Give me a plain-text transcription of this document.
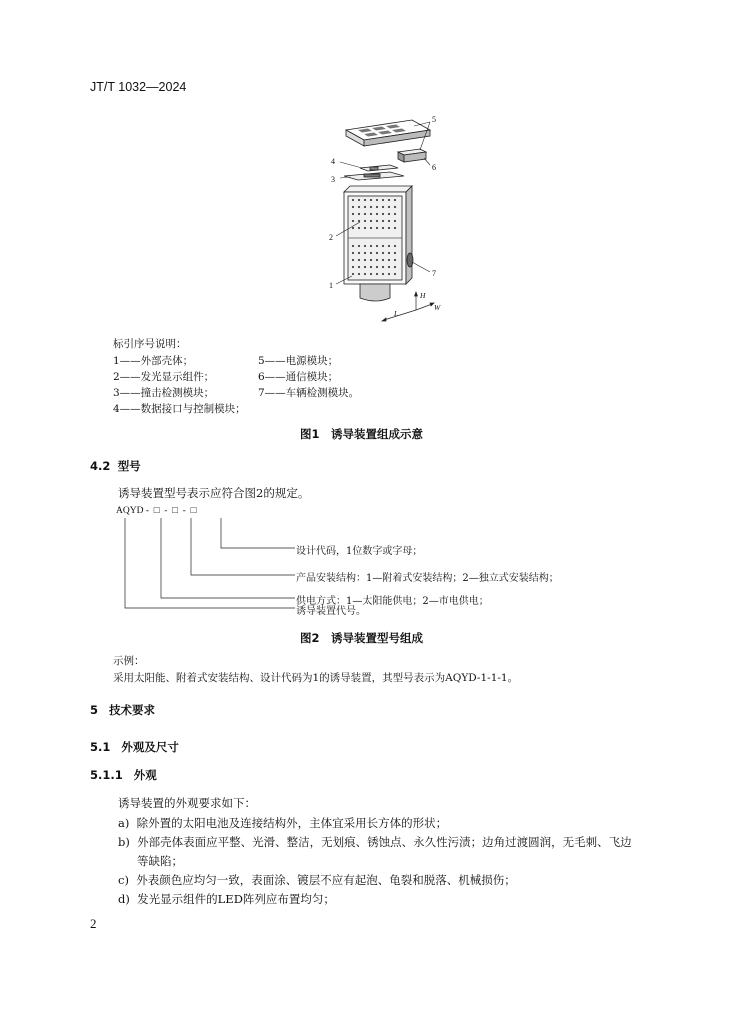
JT/T 1032—2024
1
2
3
4
5
6
7
H
W
L
标引序号说明：
1——外部壳体；
2——发光显示组件；
3——撞击检测模块；
4——数据接口与控制模块；
5——电源模块；
6——通信模块；
7——车辆检测模块。
图1　诱导装置组成示意
4.2 型号
诱导装置型号表示应符合图2的规定。
AQYD - □ - □ - □
设计代码，1位数字或字母；
产品安装结构：1—附着式安装结构；2—独立式安装结构；
供电方式：1—太阳能供电；2—市电供电；
诱导装置代号。
图2　诱导装置型号组成
示例：
采用太阳能、附着式安装结构、设计代码为1的诱导装置，其型号表示为AQYD-1-1-1。
5 技术要求
5.1 外观及尺寸
5.1.1 外观
诱导装置的外观要求如下：
a) 除外置的太阳电池及连接结构外，主体宜采用长方体的形状；
b) 外部壳体表面应平整、光滑、整洁，无划痕、锈蚀点、永久性污渍；边角过渡圆润，无毛刺、飞边
等缺陷；
c) 外表颜色应均匀一致，表面涂、镀层不应有起泡、龟裂和脱落、机械损伤；
d) 发光显示组件的LED阵列应布置均匀；
2
